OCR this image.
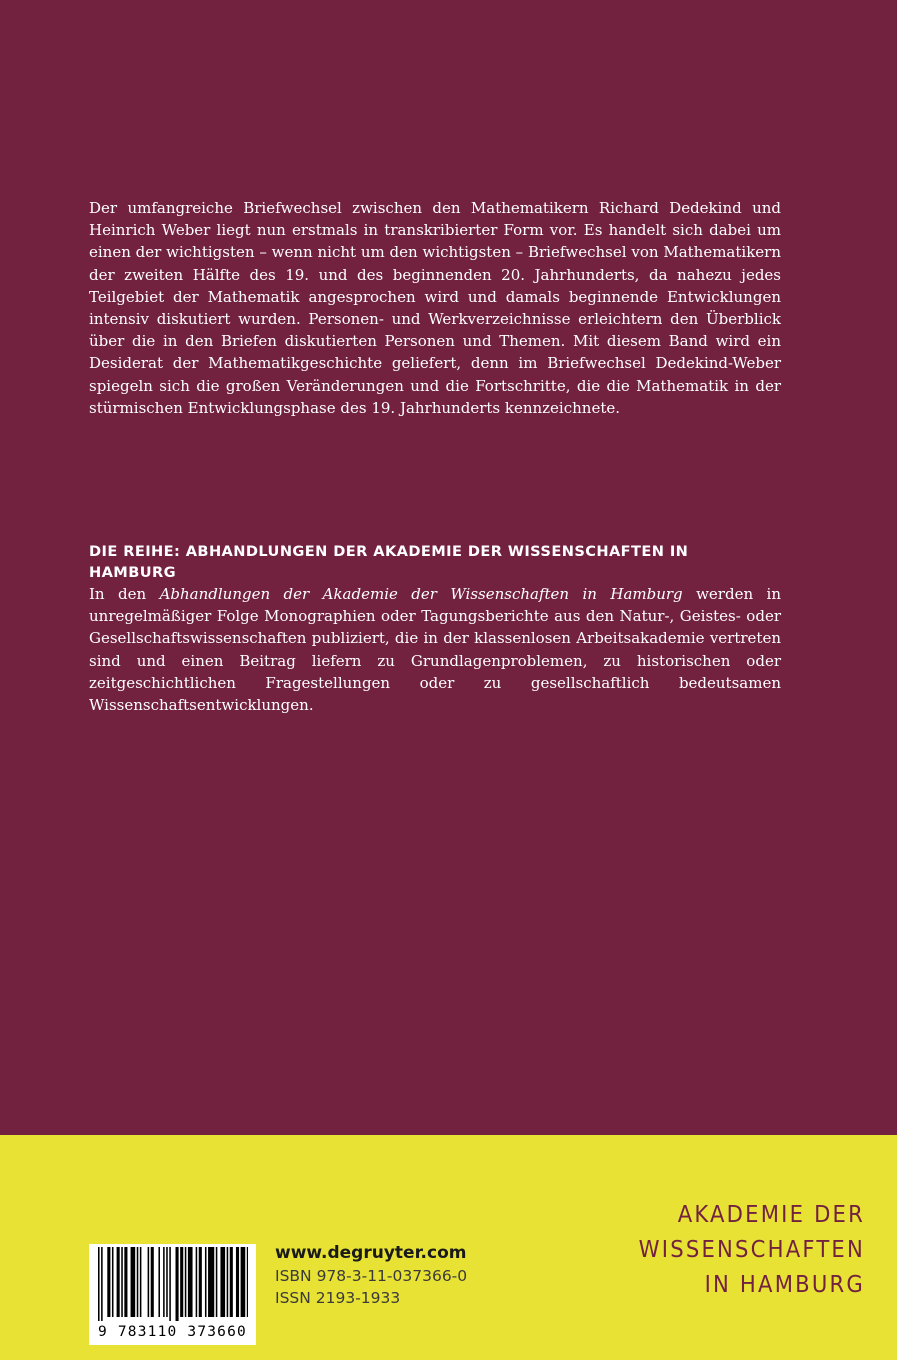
Der umfangreiche Briefwechsel zwischen den Mathematikern Richard Dedekind und Heinrich Weber liegt nun erstmals in transkribierter Form vor. Es handelt sich dabei um einen der wichtigsten – wenn nicht um den wichtigsten – Briefwechsel von Mathematikern der zweiten Hälfte des 19. und des beginnenden 20. Jahrhunderts, da nahezu jedes Teilgebiet der Mathematik angesprochen wird und damals beginnende Entwicklungen intensiv diskutiert wurden. Personen- und Werkverzeichnisse erleichtern den Überblick über die in den Briefen diskutierten Personen und Themen. Mit diesem Band wird ein Desiderat der Mathematikgeschichte geliefert, denn im Briefwechsel Dedekind-Weber spiegeln sich die großen Veränderungen und die Fortschritte, die die Mathematik in der stürmischen Entwicklungsphase des 19. Jahrhunderts kennzeichnete.

DIE REIHE: ABHANDLUNGEN DER AKADEMIE DER WISSENSCHAFTEN IN HAMBURG

In den Abhandlungen der Akademie der Wissenschaften in Hamburg werden in unregelmäßiger Folge Monographien oder Tagungsberichte aus den Natur-, Geistes- oder Gesellschaftswissenschaften publiziert, die in der klassenlosen Arbeitsakademie vertreten sind und einen Beitrag liefern zu Grundlagenproblemen, zu historischen oder zeitgeschichtlichen Fragestellungen oder zu gesellschaftlich bedeutsamen Wissenschaftsentwicklungen.

9 783110 373660
www.degruyter.com
ISBN 978-3-11-037366-0
ISSN 2193-1933
AKADEMIE DER
WISSENSCHAFTEN
IN HAMBURG
